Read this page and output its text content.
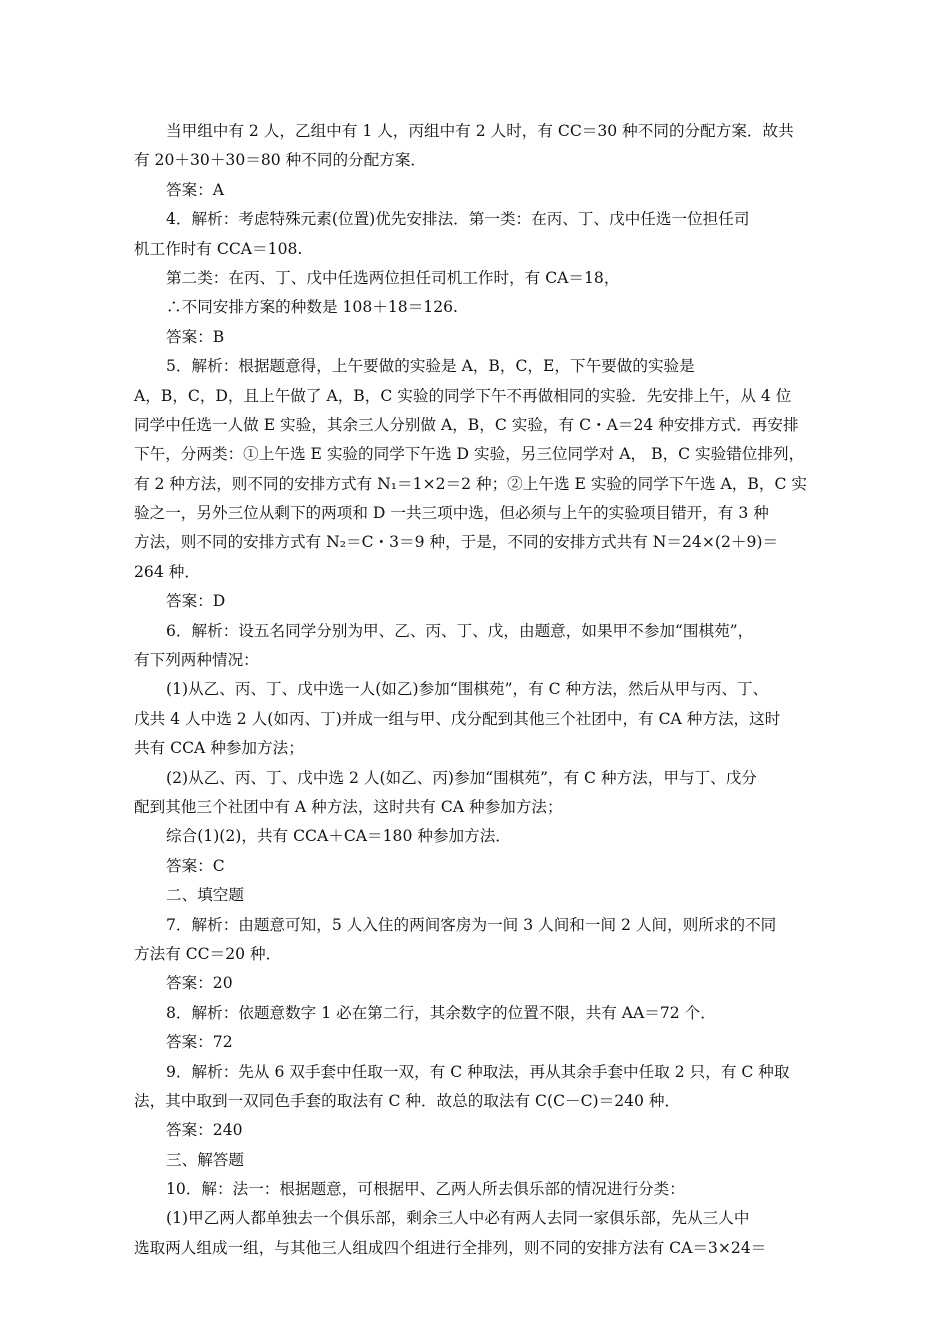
当甲组中有 2 人，乙组中有 1 人，丙组中有 2 人时，有 CC＝30 种不同的分配方案．故共
有 20＋30＋30＝80 种不同的分配方案．
答案：A
4．解析：考虑特殊元素(位置)优先安排法．第一类：在丙、丁、戊中任选一位担任司
机工作时有 CCA＝108.
第二类：在丙、丁、戊中任选两位担任司机工作时，有 CA＝18，
∴不同安排方案的种数是 108＋18＝126.
答案：B
5．解析：根据题意得，上午要做的实验是 A，B，C，E，下午要做的实验是
A，B，C，D，且上午做了 A，B，C 实验的同学下午不再做相同的实验．先安排上午，从 4 位
同学中任选一人做 E 实验，其余三人分别做 A，B，C 实验，有 C・A＝24 种安排方式．再安排
下午，分两类：①上午选 E 实验的同学下午选 D 实验，另三位同学对 A， B，C 实验错位排列，
有 2 种方法，则不同的安排方式有 N₁＝1×2＝2 种；②上午选 E 实验的同学下午选 A，B，C 实
验之一，另外三位从剩下的两项和 D 一共三项中选，但必须与上午的实验项目错开，有 3 种
方法，则不同的安排方式有 N₂＝C・3＝9 种，于是，不同的安排方式共有 N＝24×(2＋9)＝
264 种．
答案：D
6．解析：设五名同学分别为甲、乙、丙、丁、戊，由题意，如果甲不参加“围棋苑”，
有下列两种情况：
(1)从乙、丙、丁、戊中选一人(如乙)参加“围棋苑”，有 C 种方法，然后从甲与丙、丁、
戊共 4 人中选 2 人(如丙、丁)并成一组与甲、戊分配到其他三个社团中，有 CA 种方法，这时
共有 CCA 种参加方法；
(2)从乙、丙、丁、戊中选 2 人(如乙、丙)参加“围棋苑”，有 C 种方法，甲与丁、戊分
配到其他三个社团中有 A 种方法，这时共有 CA 种参加方法；
综合(1)(2)，共有 CCA＋CA＝180 种参加方法．
答案：C
二、填空题
7．解析：由题意可知，5 人入住的两间客房为一间 3 人间和一间 2 人间，则所求的不同
方法有 CC＝20 种．
答案：20
8．解析：依题意数字 1 必在第二行，其余数字的位置不限，共有 AA＝72 个．
答案：72
9．解析：先从 6 双手套中任取一双，有 C 种取法，再从其余手套中任取 2 只，有 C 种取
法，其中取到一双同色手套的取法有 C 种．故总的取法有 C(C－C)＝240 种．
答案：240
三、解答题
10．解：法一：根据题意，可根据甲、乙两人所去俱乐部的情况进行分类：
(1)甲乙两人都单独去一个俱乐部，剩余三人中必有两人去同一家俱乐部，先从三人中
选取两人组成一组，与其他三人组成四个组进行全排列，则不同的安排方法有 CA＝3×24＝
